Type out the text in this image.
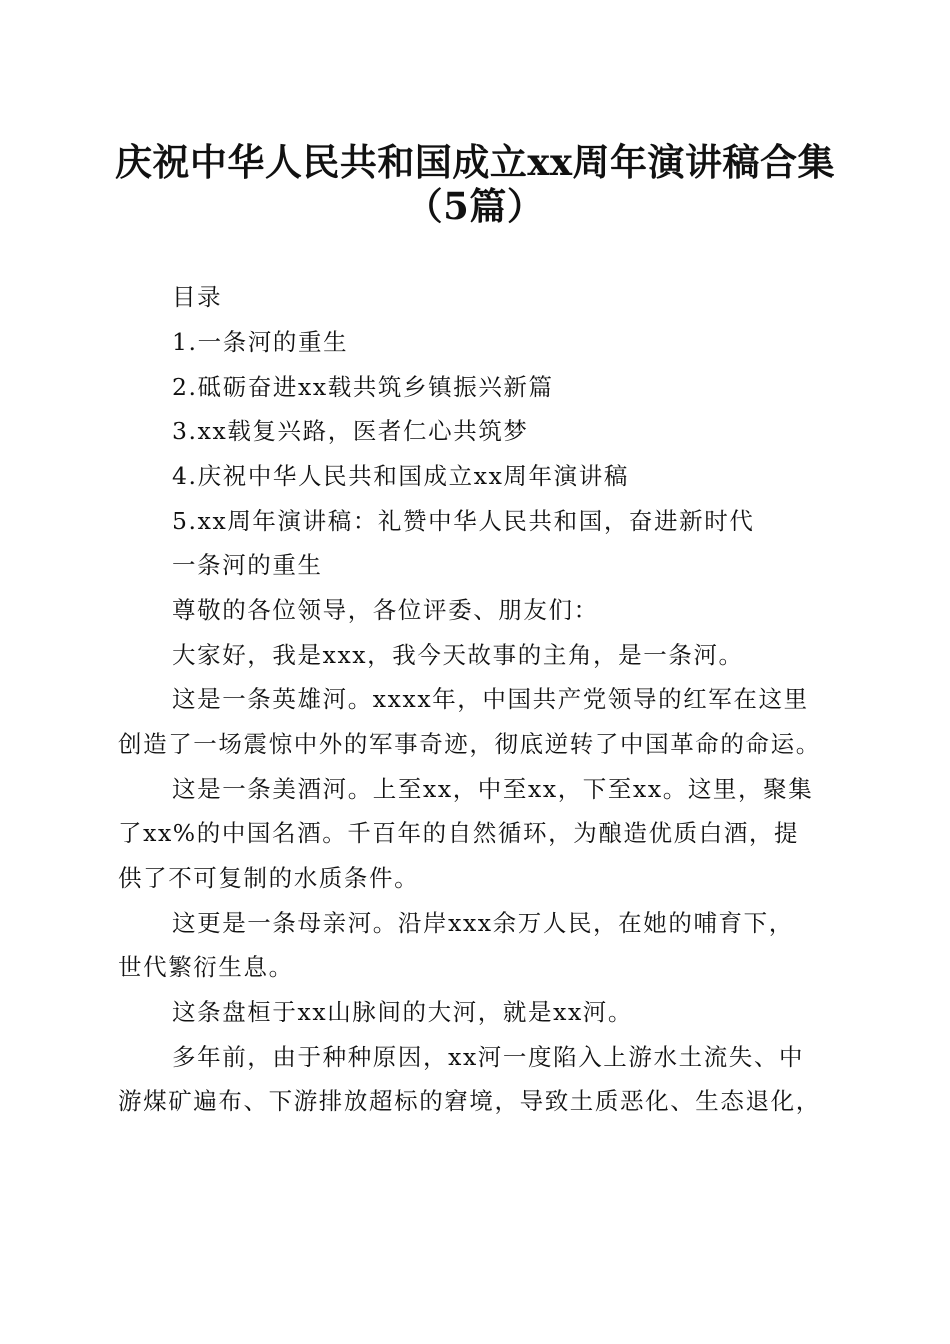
庆祝中华人民共和国成立xx周年演讲稿合集
（5篇）
目录
1.一条河的重生
2.砥砺奋进xx载共筑乡镇振兴新篇
3.xx载复兴路，医者仁心共筑梦
4.庆祝中华人民共和国成立xx周年演讲稿
5.xx周年演讲稿：礼赞中华人民共和国，奋进新时代
一条河的重生
尊敬的各位领导，各位评委、朋友们：
大家好，我是xxx，我今天故事的主角，是一条河。
这是一条英雄河。xxxx年，中国共产党领导的红军在这里
创造了一场震惊中外的军事奇迹，彻底逆转了中国革命的命运。
这是一条美酒河。上至xx，中至xx，下至xx。这里，聚集
了xx%的中国名酒。千百年的自然循环，为酿造优质白酒，提
供了不可复制的水质条件。
这更是一条母亲河。沿岸xxx余万人民，在她的哺育下，
世代繁衍生息。
这条盘桓于xx山脉间的大河，就是xx河。
多年前，由于种种原因，xx河一度陷入上游水土流失、中
游煤矿遍布、下游排放超标的窘境，导致土质恶化、生态退化，
